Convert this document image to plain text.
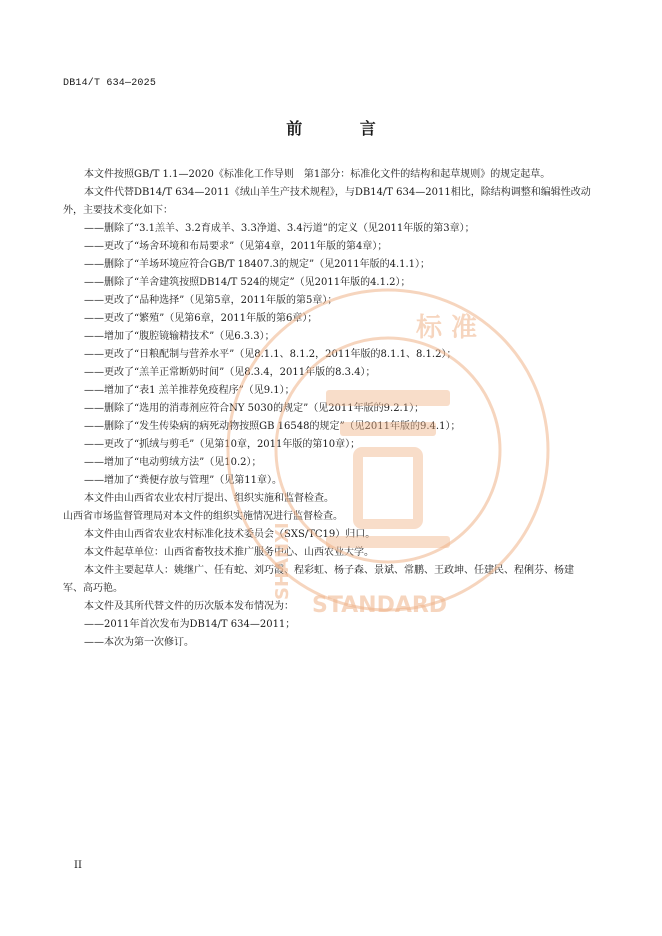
DB14/T 634—2025
前 言

本文件按照GB/T 1.1—2020《标准化工作导则　第1部分：标准化文件的结构和起草规则》的规定起草。

本文件代替DB14/T 634—2011《绒山羊生产技术规程》，与DB14/T 634—2011相比，除结构调整和编辑性改动外，主要技术变化如下：

——删除了“3.1羔羊、3.2育成羊、3.3净道、3.4污道”的定义（见2011年版的第3章）；

——更改了“场舍环境和布局要求”（见第4章，2011年版的第4章）；

——删除了“羊场环境应符合GB/T 18407.3的规定”（见2011年版的4.1.1）；

——删除了“羊舍建筑按照DB14/T 524的规定”（见2011年版的4.1.2）；

——更改了“品种选择”（见第5章，2011年版的第5章）；

——更改了“繁殖”（见第6章，2011年版的第6章）；

——增加了“腹腔镜输精技术”（见6.3.3）；

——更改了“日粮配制与营养水平”（见8.1.1、8.1.2，2011年版的8.1.1、8.1.2）；

——更改了“羔羊正常断奶时间”（见8.3.4，2011年版的8.3.4）；

——增加了“表1 羔羊推荐免疫程序”（见9.1）；

——删除了“选用的消毒剂应符合NY 5030的规定”（见2011年版的9.2.1）；

——删除了“发生传染病的病死动物按照GB 16548的规定”（见2011年版的9.4.1）；

——更改了“抓绒与剪毛”（见第10章，2011年版的第10章）；

——增加了“电动剪绒方法”（见10.2）；

——增加了“粪便存放与管理”（见第11章）。

本文件由山西省农业农村厅提出、组织实施和监督检查。

山西省市场监督管理局对本文件的组织实施情况进行监督检查。

本文件由山西省农业农村标准化技术委员会（SXS/TC19）归口。

本文件起草单位：山西省畜牧技术推广服务中心、山西农业大学。

本文件主要起草人：姚继广、任有蛇、刘巧霞、程彩虹、杨子森、景斌、常鹏、王政坤、任建民、程俐芬、杨建军、高巧艳。

本文件及其所代替文件的历次版本发布情况为：

——2011年首次发布为DB14/T 634—2011；

——本次为第一次修订。

标 准
STANDARD
SHANXI
II
